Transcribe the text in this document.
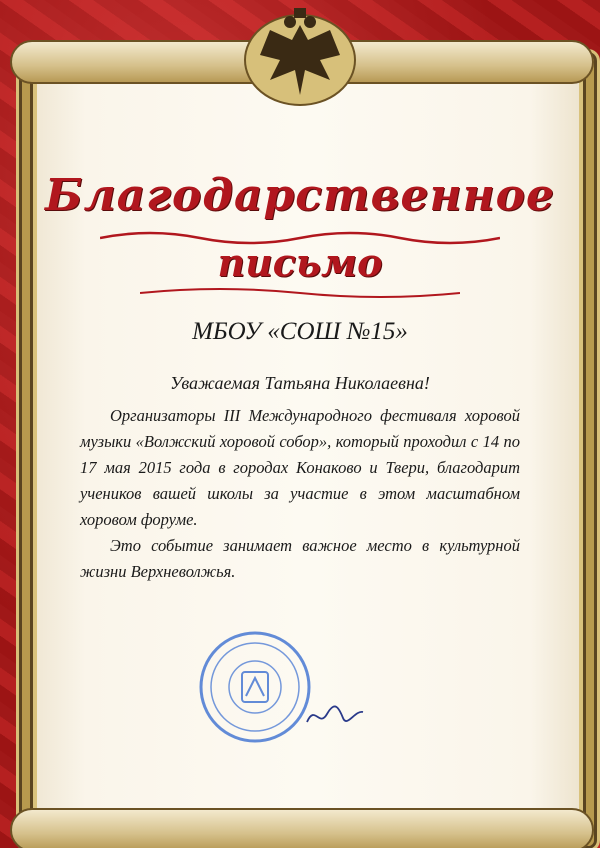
Благодарственное
письмо
МБОУ «СОШ №15»
Уважаемая Татьяна Николаевна!

Организаторы III Международного фестиваля хоровой музыки «Волжский хоровой собор», который проходил с 14 по 17 мая 2015 года в городах Конаково и Твери, благодарит учеников вашей школы за участие в этом масштабном хоровом форуме.

Это событие занимает важное место в культурной жизни Верхневолжья.
